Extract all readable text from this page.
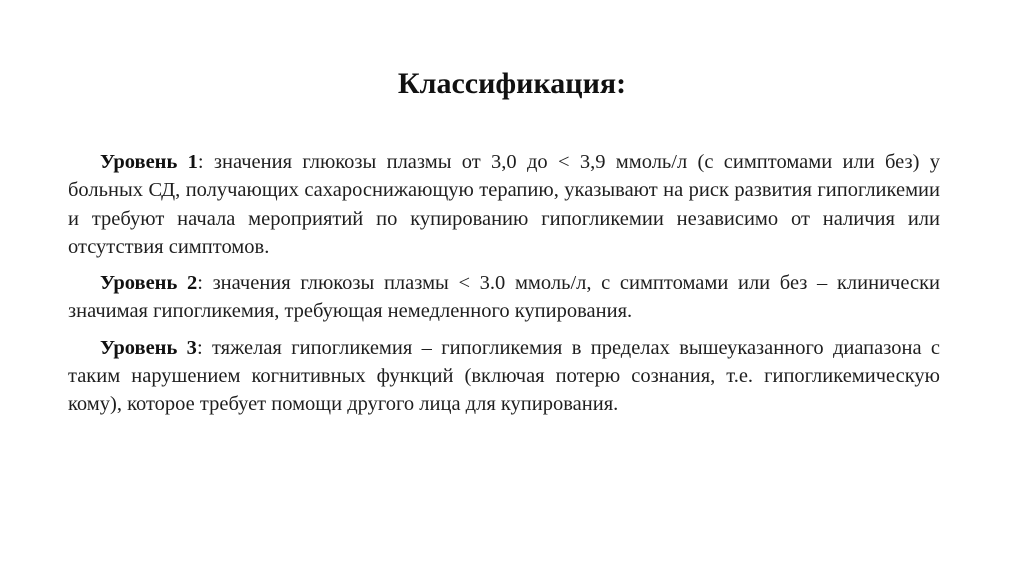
Классификация:

Уровень 1: значения глюкозы плазмы от 3,0 до < 3,9 ммоль/л (с симптомами или без) у больных СД, получающих сахароснижающую терапию, указывают на риск развития гипогликемии и требуют начала мероприятий по купированию гипогликемии независимо от наличия или отсутствия симптомов.

Уровень 2: значения глюкозы плазмы < 3.0 ммоль/л, с симптомами или без – клинически значимая гипогликемия, требующая немедленного купирования.

Уровень 3: тяжелая гипогликемия – гипогликемия в пределах вышеуказанного диапазона с таким нарушением когнитивных функций (включая потерю сознания, т.е. гипогликемическую кому), которое требует помощи другого лица для купирования.
